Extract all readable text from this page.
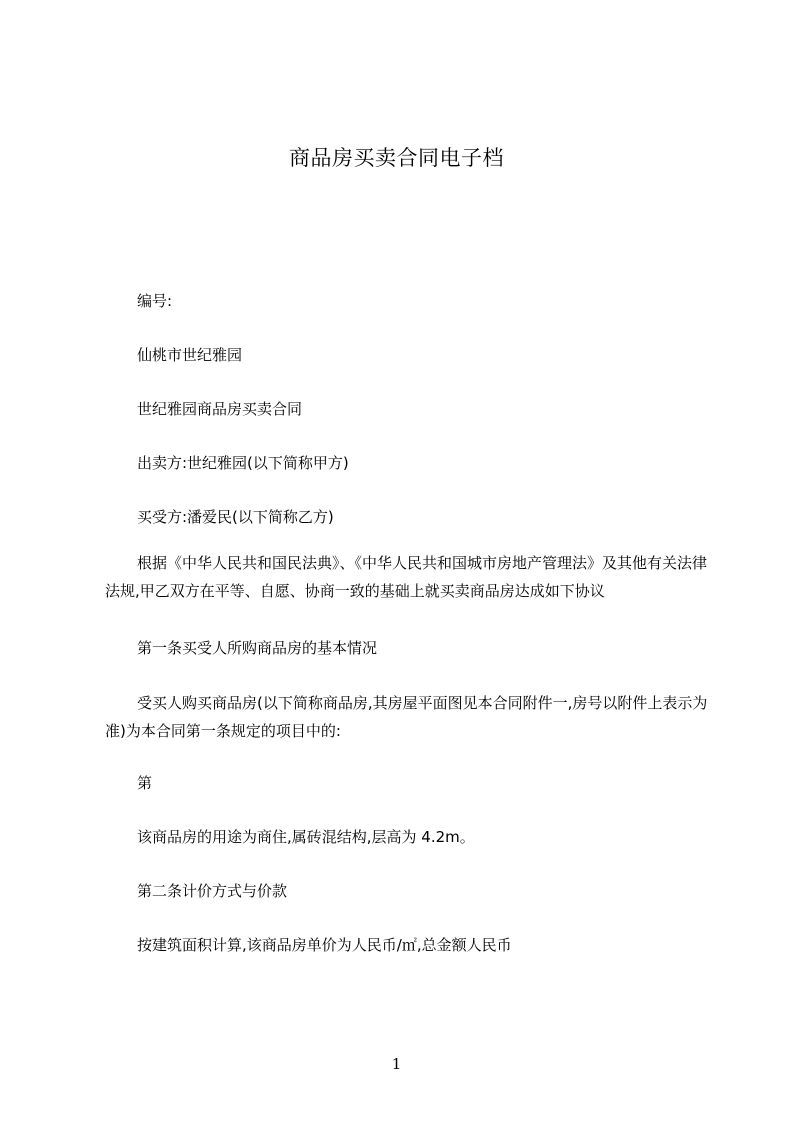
商品房买卖合同电子档
编号:
仙桃市世纪雅园
世纪雅园商品房买卖合同
出卖方:世纪雅园(以下简称甲方)
买受方:潘爱民(以下简称乙方)
根据《中华人民共和国民法典》、《中华人民共和国城市房地产管理法》及其他有关法律法规,甲乙双方在平等、自愿、协商一致的基础上就买卖商品房达成如下协议
第一条买受人所购商品房的基本情况
受买人购买商品房(以下简称商品房,其房屋平面图见本合同附件一,房号以附件上表示为准)为本合同第一条规定的项目中的:
第
该商品房的用途为商住,属砖混结构,层高为 4.2m。
第二条计价方式与价款
按建筑面积计算,该商品房单价为人民币/㎡,总金额人民币
1
